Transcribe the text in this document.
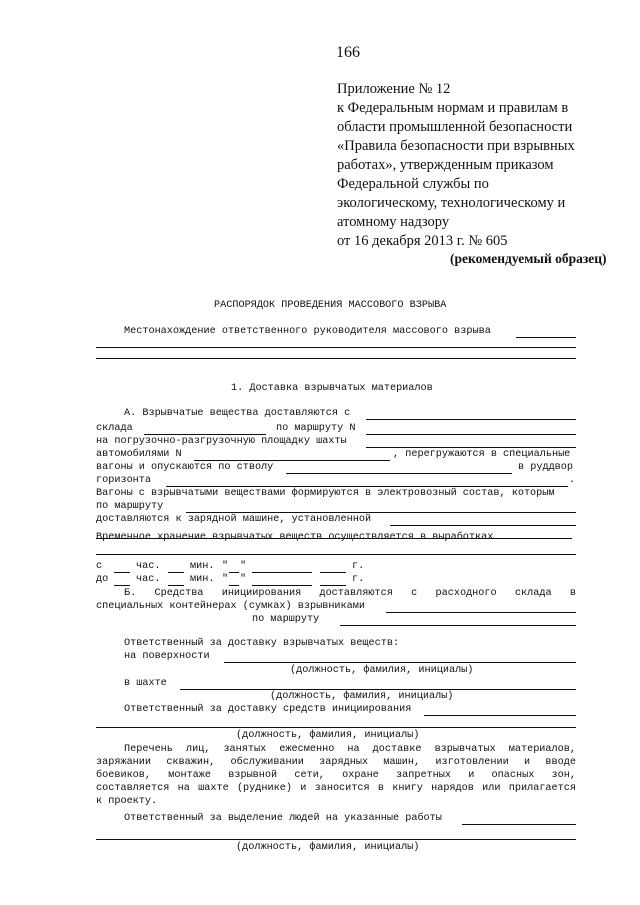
166
Приложение № 12
к Федеральным нормам и правилам в
области промышленной безопасности
«Правила безопасности при взрывных
работах», утвержденным приказом
Федеральной службы по
экологическому, технологическому и
атомному надзору
от 16 декабря 2013 г. № 605
(рекомендуемый образец)
РАСПОРЯДОК ПРОВЕДЕНИЯ МАССОВОГО ВЗРЫВА
Местонахождение ответственного руководителя массового взрыва
1. Доставка взрывчатых материалов
А. Взрывчатые вещества доставляются с
склада	по маршруту N
на погрузочно-разгрузочную площадку шахты
автомобилями N	, перегружаются в специальные
вагоны и опускаются по стволу	в руддвор
горизонта	.
Вагоны с взрывчатыми веществами формируются в электровозный состав, которым
по маршруту
доставляются к зарядной машине, установленной
Временное хранение взрывчатых веществ осуществляется в выработках
с	час.	мин. " "	г.
до	час.	мин. " "	г.
Б. Средства инициирования доставляются с расходного склада в
специальных контейнерах (сумках) взрывниками
по маршруту
Ответственный за доставку взрывчатых веществ:
на поверхности
(должность, фамилия, инициалы)
в шахте
(должность, фамилия, инициалы)
Ответственный за доставку средств инициирования
(должность, фамилия, инициалы)
Перечень лиц, занятых ежесменно на доставке взрывчатых материалов,
заряжании скважин, обслуживании зарядных машин, изготовлении и вводе
боевиков, монтаже взрывной сети, охране запретных и опасных зон,
составляется на шахте (руднике) и заносится в книгу нарядов или прилагается
к проекту.
Ответственный за выделение людей на указанные работы
(должность, фамилия, инициалы)
